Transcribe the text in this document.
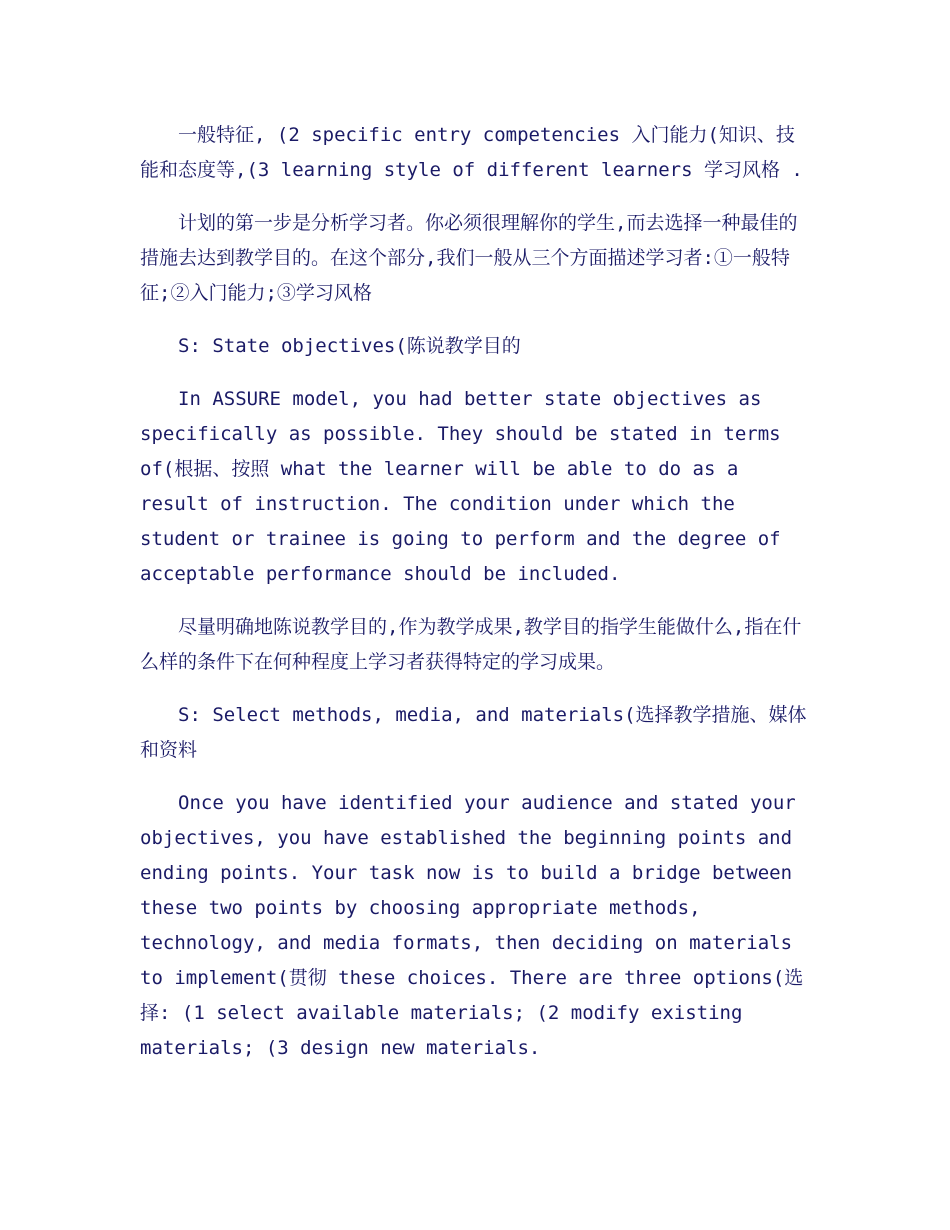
一般特征, (2 specific entry competencies 入门能力(知识、技能和态度等,(3 learning style of different learners 学习风格 .

计划的第一步是分析学习者。你必须很理解你的学生,而去选择一种最佳的措施去达到教学目的。在这个部分,我们一般从三个方面描述学习者:①一般特征;②入门能力;③学习风格

S: State objectives(陈说教学目的

In ASSURE model, you had better state objectives as specifically as possible. They should be stated in terms of(根据、按照 what the learner will be able to do as a result of instruction. The condition under which the student or trainee is going to perform and the degree of acceptable performance should be included.

尽量明确地陈说教学目的,作为教学成果,教学目的指学生能做什么,指在什么样的条件下在何种程度上学习者获得特定的学习成果。

S: Select methods, media, and materials(选择教学措施、媒体和资料

Once you have identified your audience and stated your objectives, you have established the beginning points and ending points. Your task now is to build a bridge between these two points by choosing appropriate methods, technology, and media formats, then deciding on materials to implement(贯彻 these choices. There are three options(选择: (1 select available materials; (2 modify existing materials; (3 design new materials.
